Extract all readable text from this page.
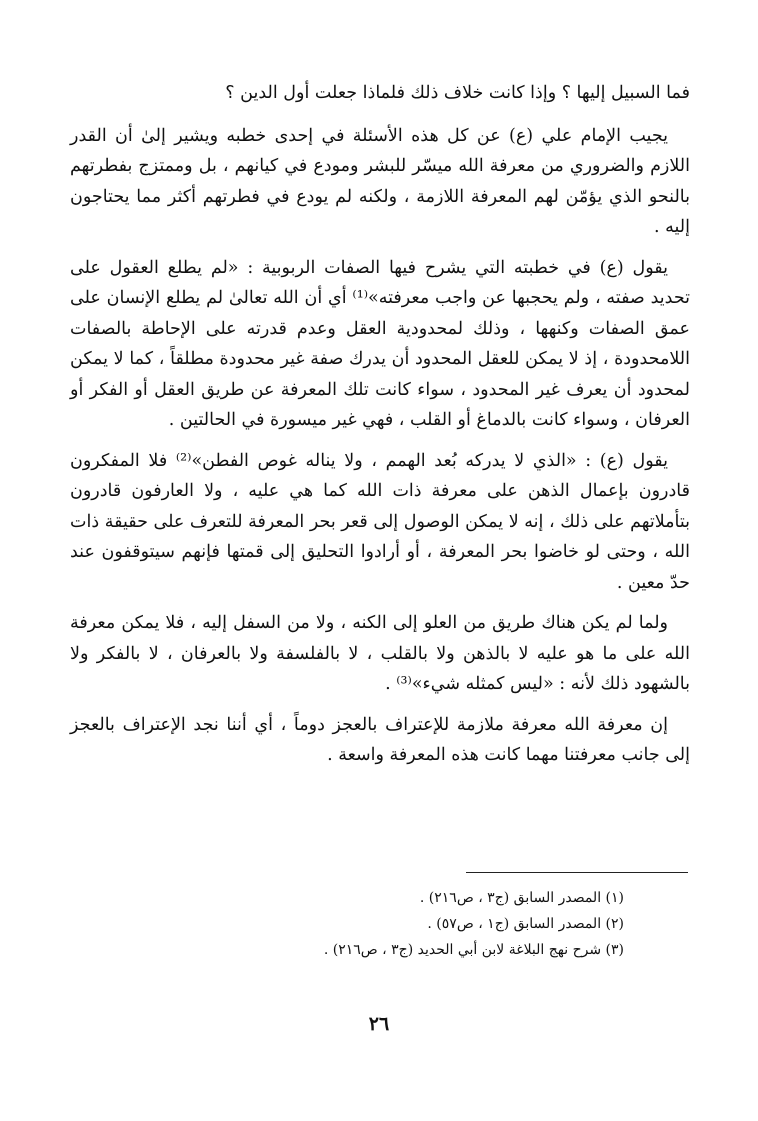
فما السبيل إليها ؟ وإذا كانت خلاف ذلك فلماذا جعلت أول الدين ؟

يجيب الإمام علي (ع) عن كل هذه الأسئلة في إحدى خطبه ويشير إلىٰ أن القدر اللازم والضروري من معرفة الله ميسّر للبشر ومودع في كيانهم ، بل وممتزج بفطرتهم بالنحو الذي يؤمّن لهم المعرفة اللازمة ، ولكنه لم يودع في فطرتهم أكثر مما يحتاجون إليه .

يقول (ع) في خطبته التي يشرح فيها الصفات الربوبية : «لم يطلع العقول على تحديد صفته ، ولم يحجبها عن واجب معرفته»⁽¹⁾ أي أن الله تعالىٰ لم يطلع الإنسان على عمق الصفات وكنهها ، وذلك لمحدودية العقل وعدم قدرته على الإحاطة بالصفات اللامحدودة ، إذ لا يمكن للعقل المحدود أن يدرك صفة غير محدودة مطلقاً ، كما لا يمكن لمحدود أن يعرف غير المحدود ، سواء كانت تلك المعرفة عن طريق العقل أو الفكر أو العرفان ، وسواء كانت بالدماغ أو القلب ، فهي غير ميسورة في الحالتين .

يقول (ع) : «الذي لا يدركه بُعد الهمم ، ولا يناله غوص الفطن»⁽²⁾ فلا المفكرون قادرون بإعمال الذهن على معرفة ذات الله كما هي عليه ، ولا العارفون قادرون بتأملاتهم على ذلك ، إنه لا يمكن الوصول إلى قعر بحر المعرفة للتعرف على حقيقة ذات الله ، وحتى لو خاضوا بحر المعرفة ، أو أرادوا التحليق إلى قمتها فإنهم سيتوقفون عند حدّ معين .

ولما لم يكن هناك طريق من العلو إلى الكنه ، ولا من السفل إليه ، فلا يمكن معرفة الله على ما هو عليه لا بالذهن ولا بالقلب ، لا بالفلسفة ولا بالعرفان ، لا بالفكر ولا بالشهود ذلك لأنه : «ليس كمثله شيء»⁽³⁾ .

إن معرفة الله معرفة ملازمة للإعتراف بالعجز دوماً ، أي أننا نجد الإعتراف بالعجز إلى جانب معرفتنا مهما كانت هذه المعرفة واسعة .

(١) المصدر السابق (ج٣ ، ص٢١٦) .

(٢) المصدر السابق (ج١ ، ص٥٧) .

(٣) شرح نهج البلاغة لابن أبي الحديد (ج٣ ، ص٢١٦) .

٢٦
